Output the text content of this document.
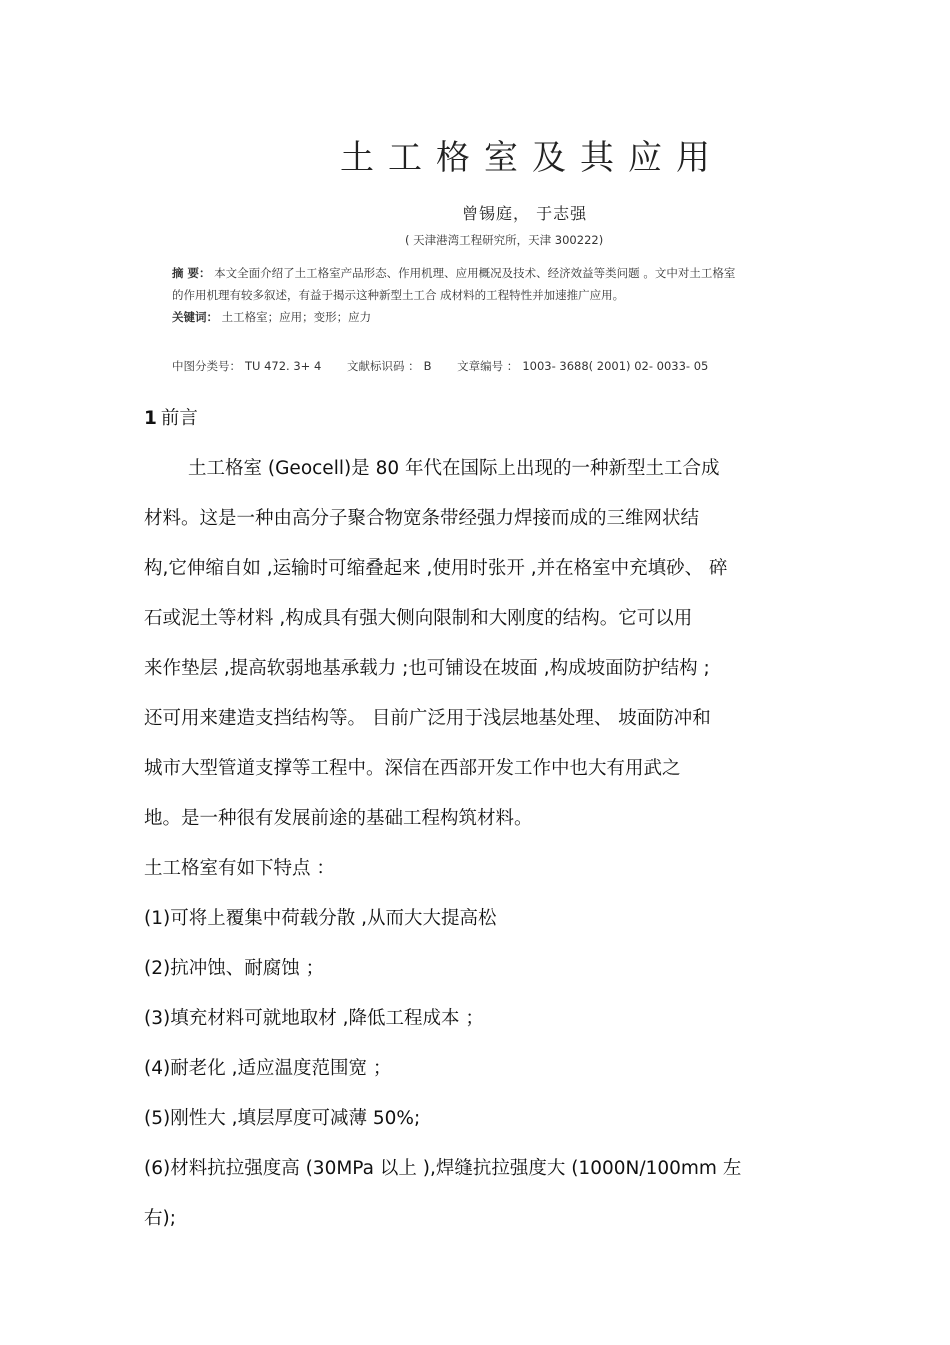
土工格室及其应用
曾锡庭， 于志强
( 天津港湾工程研究所，天津 300222)

摘 要： 本文全面介绍了土工格室产品形态、作用机理、应用概况及技术、经济效益等类问题 。文中对土工格室

的作用机理有较多叙述，有益于揭示这种新型土工合 成材料的工程特性并加速推广应用。

关键词： 土工格室；应用；变形；应力

中图分类号： TU 472. 3+ 4 文献标识码 ： B 文章编号 ： 1003- 3688( 2001) 02- 0033- 05
1 前言
土工格室 (Geocell)是 80 年代在国际上出现的一种新型土工合成
材料。这是一种由高分子聚合物宽条带经强力焊接而成的三维网状结
构,它伸缩自如 ,运输时可缩叠起来 ,使用时张开 ,并在格室中充填砂、 碎
石或泥土等材料 ,构成具有强大侧向限制和大刚度的结构。它可以用
来作垫层 ,提高软弱地基承载力 ;也可铺设在坡面 ,构成坡面防护结构 ;
还可用来建造支挡结构等。 目前广泛用于浅层地基处理、 坡面防冲和
城市大型管道支撑等工程中。深信在西部开发工作中也大有用武之
地。是一种很有发展前途的基础工程构筑材料。
土工格室有如下特点 ：
(1)可将上覆集中荷载分散 ,从而大大提高松
(2)抗冲蚀、耐腐蚀 ；
(3)填充材料可就地取材 ,降低工程成本 ；
(4)耐老化 ,适应温度范围宽 ；
(5)刚性大 ,填层厚度可减薄 50%;
(6)材料抗拉强度高 (30MPa 以上 ),焊缝抗拉强度大 (1000N/100mm 左
右);
